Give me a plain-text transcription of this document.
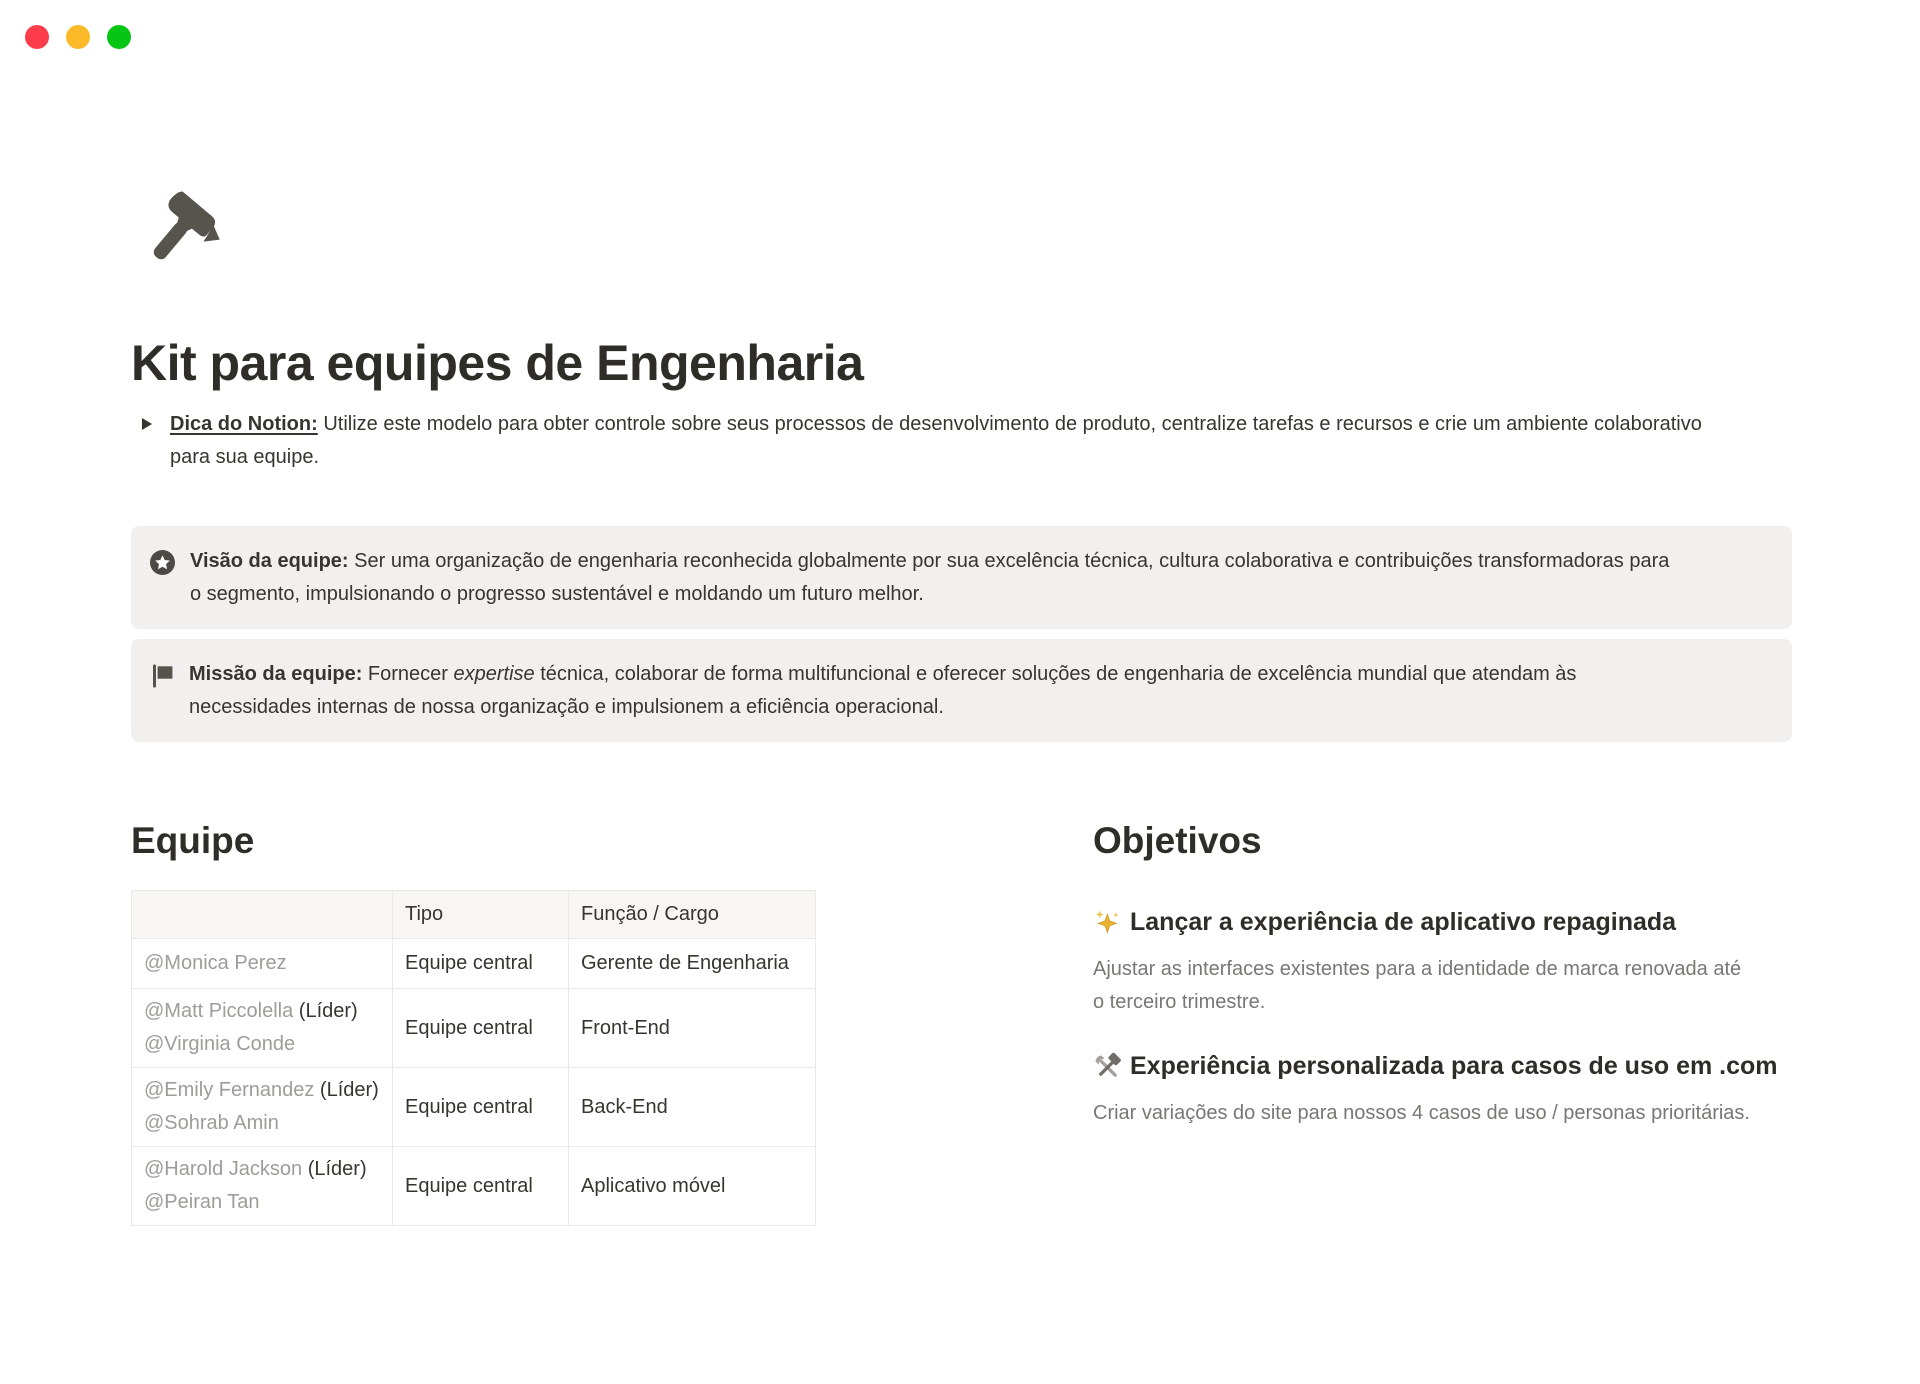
Kit para equipes de Engenharia

Dica do Notion: Utilize este modelo para obter controle sobre seus processos de desenvolvimento de produto, centralize tarefas e recursos e crie um ambiente colaborativo para sua equipe.

Visão da equipe: Ser uma organização de engenharia reconhecida globalmente por sua excelência técnica, cultura colaborativa e contribuições transformadoras para o segmento, impulsionando o progresso sustentável e moldando um futuro melhor.

Missão da equipe: Fornecer expertise técnica, colaborar de forma multifuncional e oferecer soluções de engenharia de excelência mundial que atendam às necessidades internas de nossa organização e impulsionem a eficiência operacional.

Equipe
	Tipo	Função / Cargo

@Monica Perez	Equipe central	Gerente de Engenharia

@Matt Piccolella (Líder)
@Virginia Conde	Equipe central	Front-End

@Emily Fernandez (Líder)
@Sohrab Amin	Equipe central	Back-End

@Harold Jackson (Líder)
@Peiran Tan	Equipe central	Aplicativo móvel
Objetivos
Lançar a experiência de aplicativo repaginada

Ajustar as interfaces existentes para a identidade de marca renovada até o terceiro trimestre.

Experiência personalizada para casos de uso em .com

Criar variações do site para nossos 4 casos de uso / personas prioritárias.
